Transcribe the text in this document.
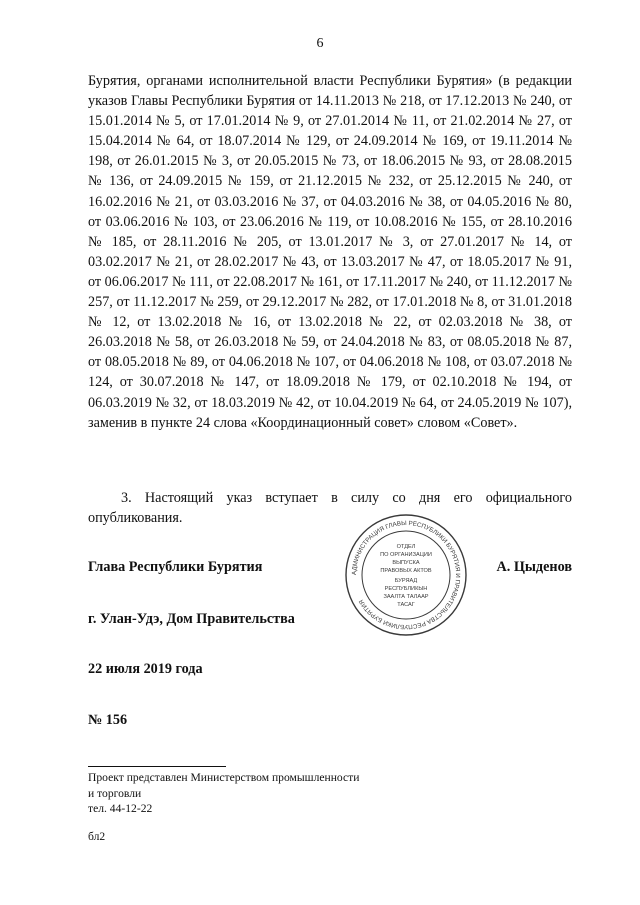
6

Бурятия, органами исполнительной власти Республики Бурятия» (в редакции указов Главы Республики Бурятия от 14.11.2013 № 218, от 17.12.2013 № 240, от 15.01.2014 № 5, от 17.01.2014 № 9, от 27.01.2014 № 11, от 21.02.2014 № 27, от 15.04.2014 № 64, от 18.07.2014 № 129, от 24.09.2014 № 169, от 19.11.2014 № 198, от 26.01.2015 № 3, от 20.05.2015 № 73, от 18.06.2015 № 93, от 28.08.2015 № 136, от 24.09.2015 № 159, от 21.12.2015 № 232, от 25.12.2015 № 240, от 16.02.2016 № 21, от 03.03.2016 № 37, от 04.03.2016 № 38, от 04.05.2016 № 80, от 03.06.2016 № 103, от 23.06.2016 № 119, от 10.08.2016 № 155, от 28.10.2016 № 185, от 28.11.2016 № 205, от 13.01.2017 № 3, от 27.01.2017 № 14, от 03.02.2017 № 21, от 28.02.2017 № 43, от 13.03.2017 № 47, от 18.05.2017 № 91, от 06.06.2017 № 111, от 22.08.2017 № 161, от 17.11.2017 № 240, от 11.12.2017 № 257, от 11.12.2017 № 259, от 29.12.2017 № 282, от 17.01.2018 № 8, от 31.01.2018 № 12, от 13.02.2018 № 16, от 13.02.2018 № 22, от 02.03.2018 № 38, от 26.03.2018 № 58, от 26.03.2018 № 59, от 24.04.2018 № 83, от 08.05.2018 № 87, от 08.05.2018 № 89, от 04.06.2018 № 107, от 04.06.2018 № 108, от 03.07.2018 № 124, от 30.07.2018 № 147, от 18.09.2018 № 179, от 02.10.2018 № 194, от 06.03.2019 № 32, от 18.03.2019 № 42, от 10.04.2019 № 64, от 24.05.2019 № 107), заменив в пункте 24 слова «Координационный совет» словом «Совет».

3. Настоящий указ вступает в силу со дня его официального опубликования.

Глава Республики Бурятия	А. Цыденов
АДМИНИСТРАЦИЯ ГЛАВЫ РЕСПУБЛИКИ БУРЯТИЯ И ПРАВИТЕЛЬСТВА РЕСПУБЛИКИ БУРЯТИЯ
ОТДЕЛ
ПО ОРГАНИЗАЦИИ
ВЫПУСКА
ПРАВОВЫХ АКТОВ
БУРЯАД
РЕСПУБЛИКЫН
ЗААЛТА ТАЛААР
ТАСАГ
г. Улан-Удэ, Дом Правительства
22 июля 2019 года
№ 156
Проект представлен Министерством промышленности
и торговли
тел. 44-12-22
бл2
